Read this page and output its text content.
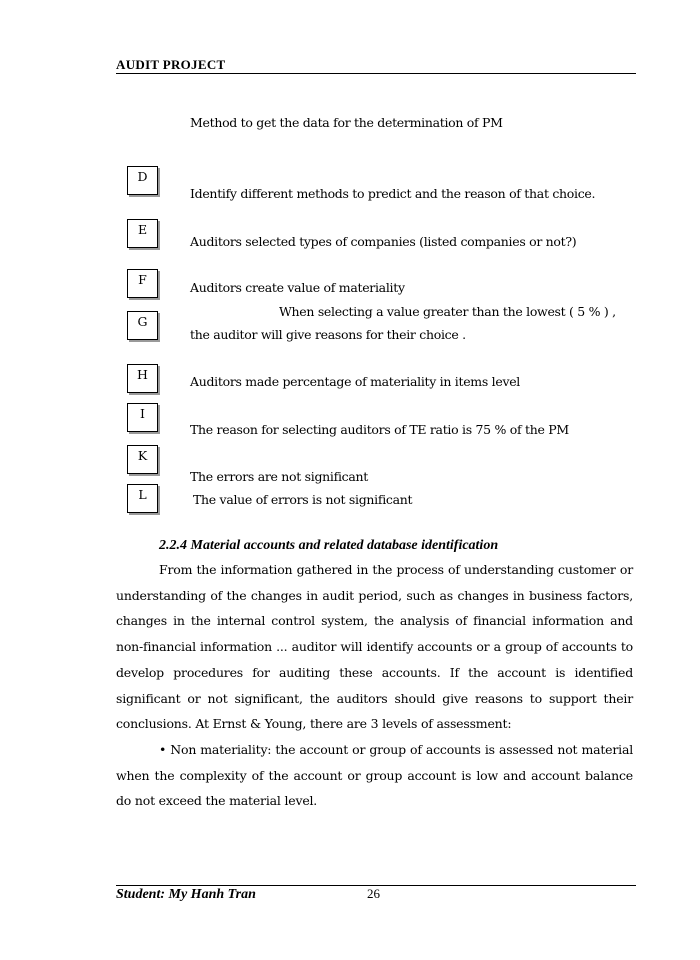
AUDIT PROJECT
Method to get the data for the determination of PM
D
Identify different methods to predict and the reason of that choice.
E
Auditors selected types of companies (listed companies or not?)
F
Auditors create value of materiality
G
When selecting a value greater than the lowest ( 5 % ) ,
the auditor will give reasons for their choice .
H	Auditors made percentage of materiality in items level
I
The reason for selecting auditors of TE ratio is 75 % of the PM
K
The errors are not significant
L	The value of errors is not significant
2.2.4 Material accounts and related database identification
From the information gathered in the process of understanding customer or understanding of the changes in audit period, such as changes in business factors, changes in the internal control system, the analysis of financial information and non-financial information ... auditor will identify accounts or a group of accounts to develop procedures for auditing these accounts. If the account is identified significant or not significant, the auditors should give reasons to support their conclusions. At Ernst & Young, there are 3 levels of assessment:
• Non materiality: the account or group of accounts is assessed not material when the complexity of the account or group account is low and account balance do not exceed the material level.
Student: My Hanh Tran	26
